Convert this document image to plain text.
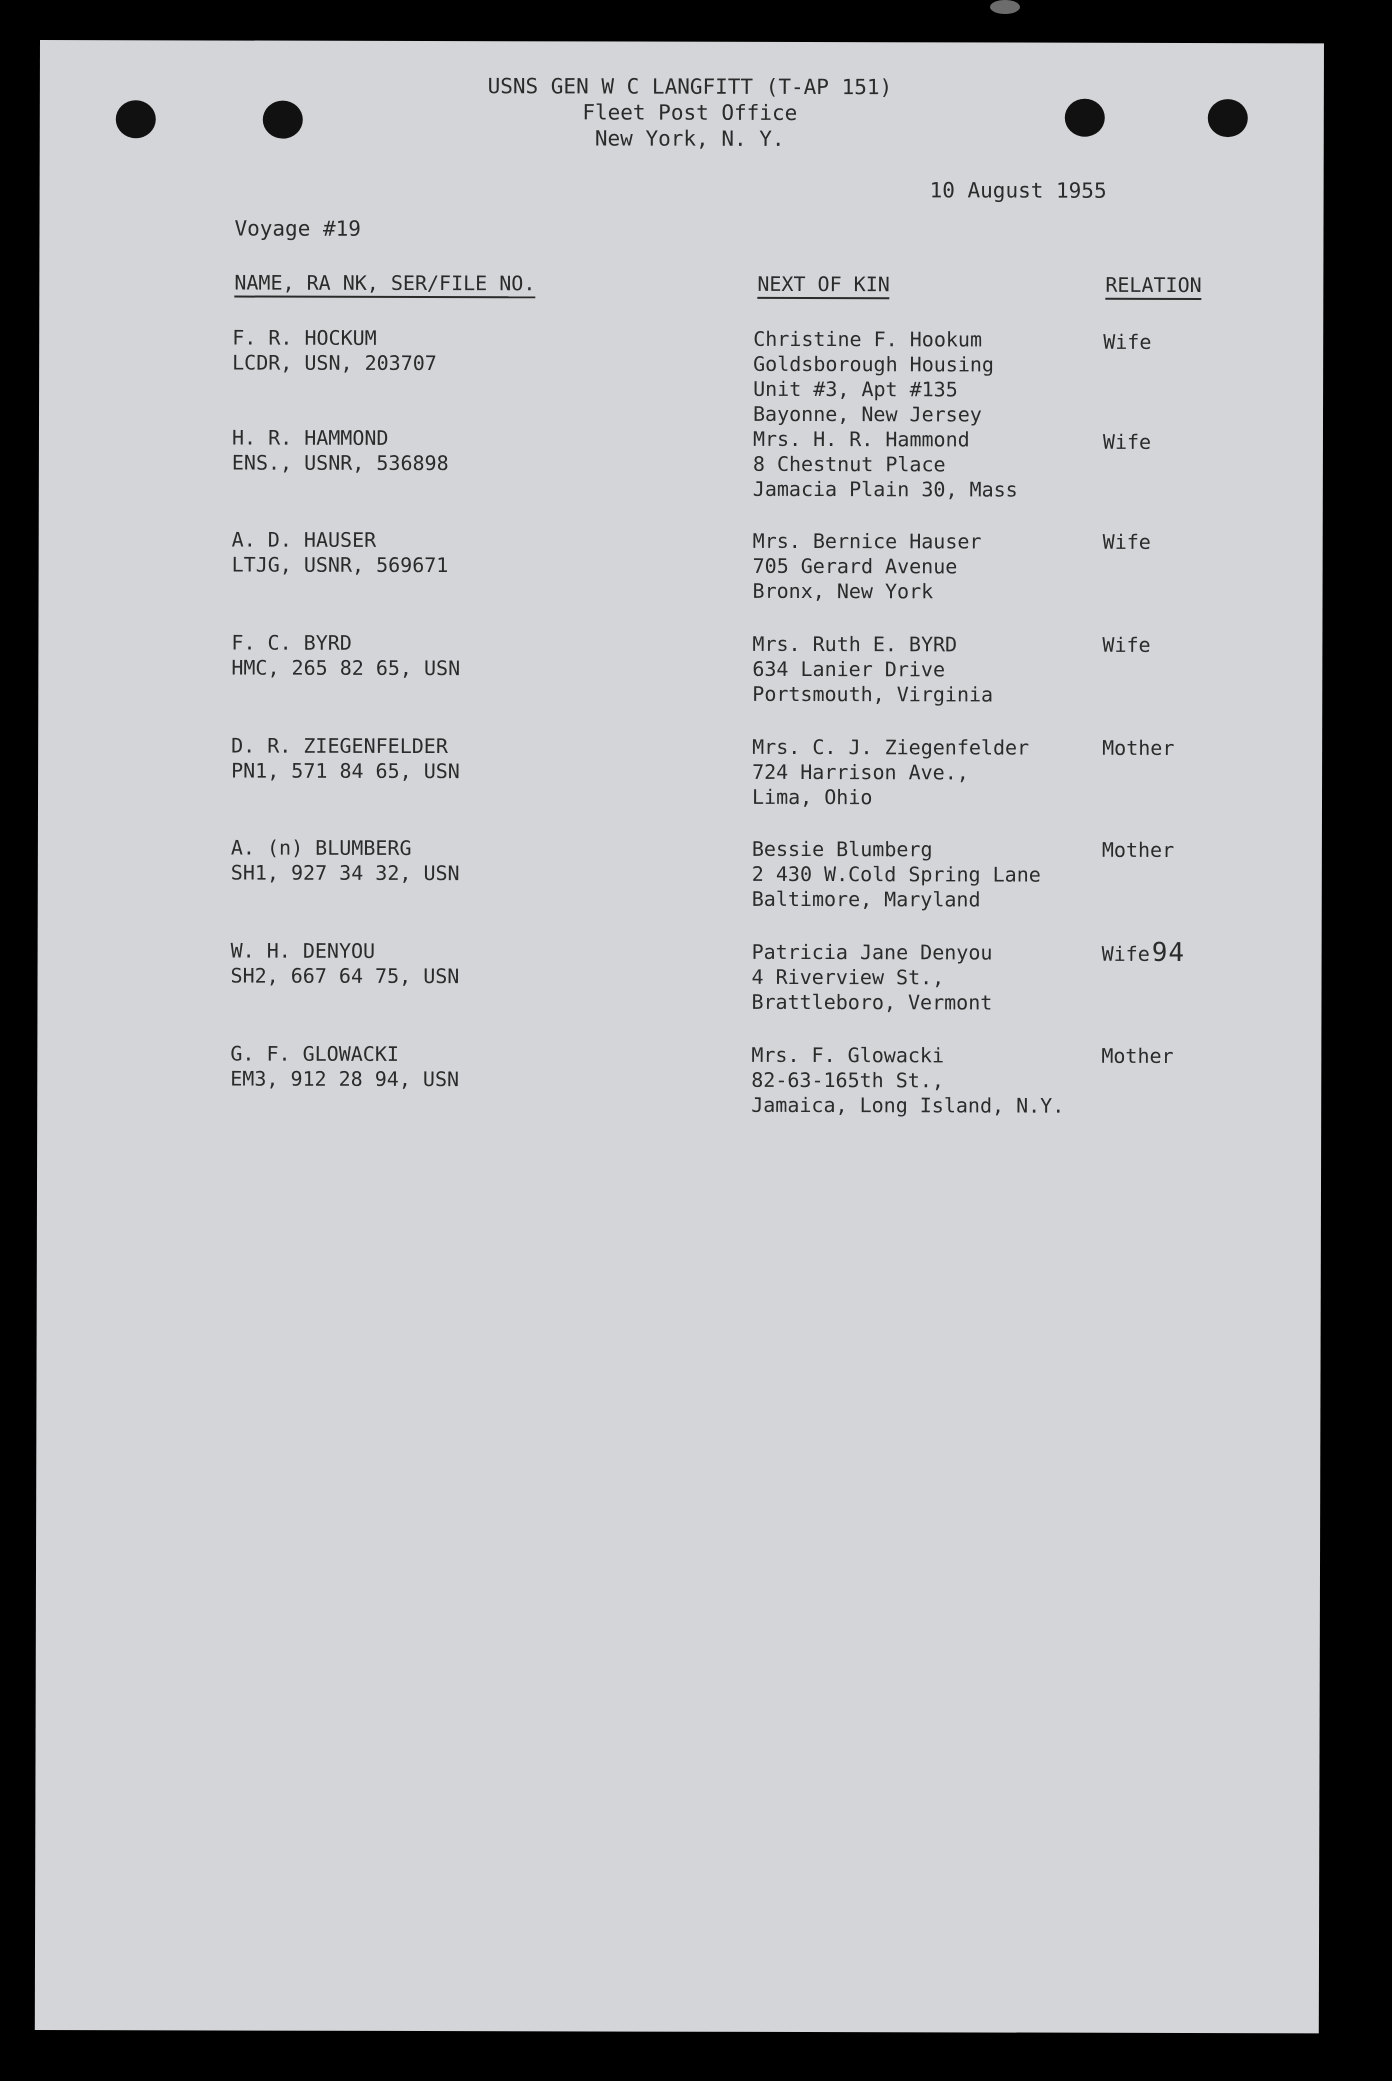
USNS GEN W C LANGFITT (T-AP 151)
Fleet Post Office
New York, N. Y.
10 August 1955
Voyage #19
NAME, RA NK, SER/FILE NO.	NEXT OF KIN	RELATION
F. R. HOCKUM
LCDR, USN, 203707
Christine F. Hookum
Goldsborough Housing
Unit #3, Apt #135
Bayonne, New Jersey
Wife
H. R. HAMMOND
ENS., USNR, 536898
Mrs. H. R. Hammond
8 Chestnut Place
Jamacia Plain 30, Mass
Wife
A. D. HAUSER
LTJG, USNR, 569671
Mrs. Bernice Hauser
705 Gerard Avenue
Bronx, New York
Wife
F. C. BYRD
HMC, 265 82 65, USN
Mrs. Ruth E. BYRD
634 Lanier Drive
Portsmouth, Virginia
Wife
D. R. ZIEGENFELDER
PN1, 571 84 65, USN
Mrs. C. J. Ziegenfelder
724 Harrison Ave.,
Lima, Ohio
Mother
A. (n) BLUMBERG
SH1, 927 34 32, USN
Bessie Blumberg
2 430 W.Cold Spring Lane
Baltimore, Maryland
Mother
W. H. DENYOU
SH2, 667 64 75, USN
Patricia Jane Denyou
4 Riverview St.,
Brattleboro, Vermont
Wife94
G. F. GLOWACKI
EM3, 912 28 94, USN
Mrs. F. Glowacki
82-63-165th St.,
Jamaica, Long Island, N.Y.
Mother
